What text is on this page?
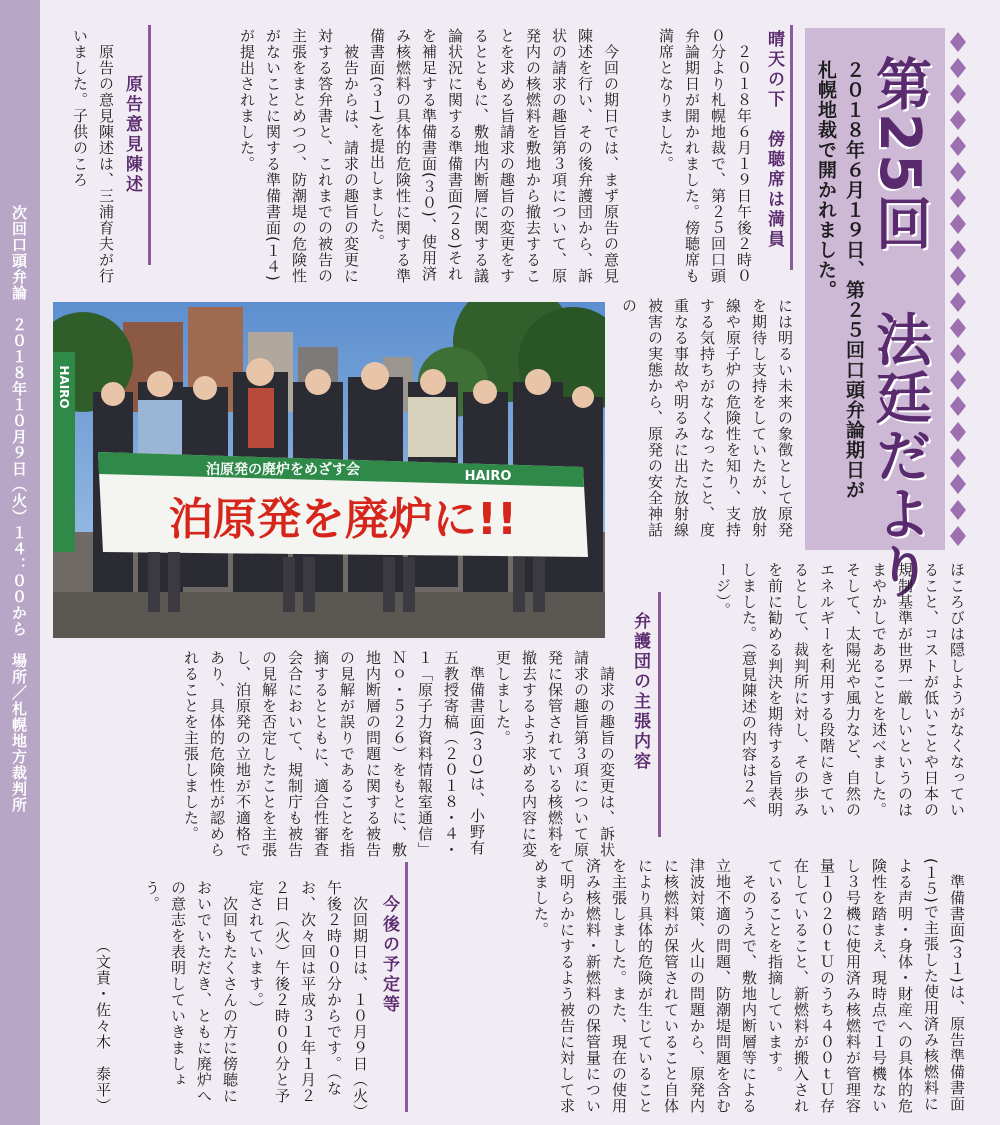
次回口頭弁論　２０１８年１０月９日（火）１４：００から　場所／札幌地方裁判所	第25回　法廷だより
２０１８年６月１９日、第２５回口頭弁論期日が札幌地裁で開かれました。
晴天の下　傍聴席は満員
　２０１８年６月１９日午後２時００分より札幌地裁で、第２５回口頭弁論期日が開かれました。傍聴席も満席となりました。
　今回の期日では、まず原告の意見陳述を行い、その後弁護団から、訴状の請求の趣旨第３項について、原発内の核燃料を敷地から撤去することを求める旨請求の趣旨の変更をするとともに、敷地内断層に関する議論状況に関する準備書面(２８)それを補足する準備書面(３０)、使用済み核燃料の具体的危険性に関する準備書面(３１)を提出しました。
　被告からは、請求の趣旨の変更に対する答弁書と、これまでの被告の主張をまとめつつ、防潮堤の危険性がないことに関する準備書面(１４)が提出されました。
原告意見陳述
　原告の意見陳述は、三浦育夫が行いました。子供のころ
には明るい未来の象徴として原発を期待し支持をしていたが、放射線や原子炉の危険性を知り、支持する気持ちがなくなったこと、度重なる事故や明るみに出た放射線被害の実態から、原発の安全神話の
ほころびは隠しようがなくなっていること、コストが低いことや日本の規制基準が世界一厳しいというのはまやかしであることを述べました。そして、太陽光や風力など、自然のエネルギーを利用する段階にきているとして、裁判所に対し、その歩みを前に勧める判決を期待する旨表明しました。（意見陳述の内容は２ページ）。
弁護団の主張内容
　請求の趣旨の変更は、訴状請求の趣旨第３項について原発に保管されている核燃料を撤去するよう求める内容に変更しました。
　準備書面(３０)は、小野有五教授寄稿（２０１８・４・１「原子力資料情報室通信」Ｎｏ・５２６）をもとに、敷地内断層の問題に関する被告の見解が誤りであることを指摘するとともに、適合性審査会合において、規制庁も被告の見解を否定したことを主張し、泊原発の立地が不適格であり、具体的危険性が認められることを主張しました。
　準備書面(３１)は、原告準備書面(１５)で主張した使用済み核燃料による声明・身体・財産への具体的危険性を踏まえ、現時点で１号機ないし３号機に使用済み核燃料が管理容量１０２０ｔＵのうち４００ｔＵ存在していること、新燃料が搬入されていることを指摘しています。
　そのうえで、敷地内断層等による立地不適の問題、防潮堤問題を含む津波対策、火山の問題から、原発内に核燃料が保管されていること自体により具体的危険が生じていることを主張しました。また、現在の使用済み核燃料・新燃料の保管量について明らかにするよう被告に対して求めました。
今後の予定等
　次回期日は、１０月９日（火）午後２時００分からです。（なお、次々回は平成３１年１月２２日（火）午後２時００分と予定されています。）
　次回もたくさんの方に傍聴においでいただき、ともに廃炉への意志を表明していきましょう。
（文責・佐々木　泰平）
HAIRO
泊原発の廃炉をめざす会	HAIRO
泊原発を廃炉に!!
